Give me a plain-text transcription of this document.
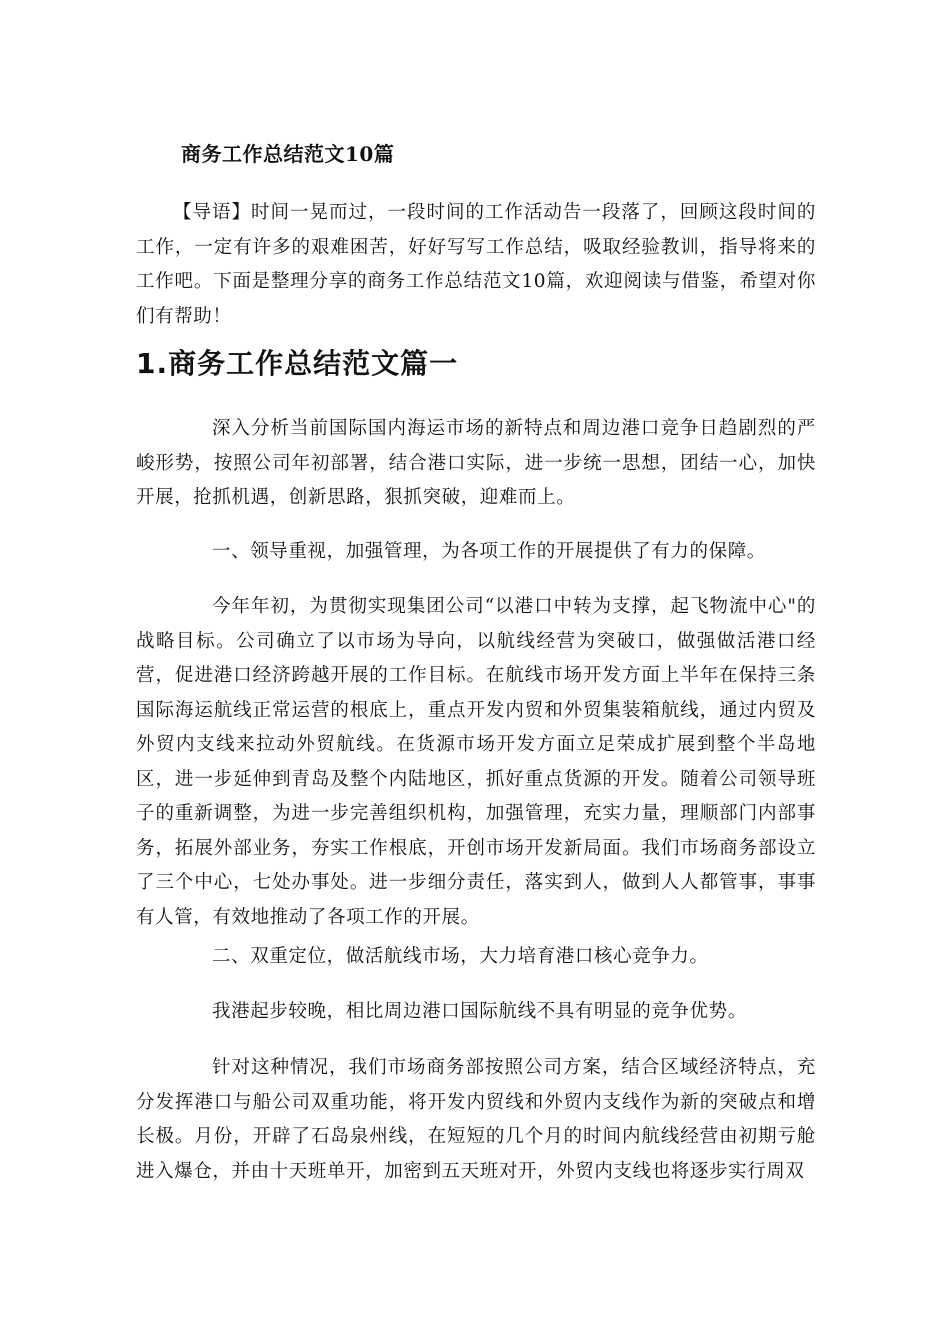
商务工作总结范文10篇
【导语】时间一晃而过，一段时间的工作活动告一段落了，回顾这段时间的工作，一定有许多的艰难困苦，好好写写工作总结，吸取经验教训，指导将来的工作吧。下面是整理分享的商务工作总结范文10篇，欢迎阅读与借鉴，希望对你们有帮助！
1.商务工作总结范文篇一
深入分析当前国际国内海运市场的新特点和周边港口竞争日趋剧烈的严峻形势，按照公司年初部署，结合港口实际，进一步统一思想，团结一心，加快开展，抢抓机遇，创新思路，狠抓突破，迎难而上。
一、领导重视，加强管理，为各项工作的开展提供了有力的保障。
今年年初，为贯彻实现集团公司“以港口中转为支撑，起飞物流中心"的战略目标。公司确立了以市场为导向，以航线经营为突破口，做强做活港口经营，促进港口经济跨越开展的工作目标。在航线市场开发方面上半年在保持三条国际海运航线正常运营的根底上，重点开发内贸和外贸集装箱航线，通过内贸及外贸内支线来拉动外贸航线。在货源市场开发方面立足荣成扩展到整个半岛地区，进一步延伸到青岛及整个内陆地区，抓好重点货源的开发。随着公司领导班子的重新调整，为进一步完善组织机构，加强管理，充实力量，理顺部门内部事务，拓展外部业务，夯实工作根底，开创市场开发新局面。我们市场商务部设立了三个中心，七处办事处。进一步细分责任，落实到人，做到人人都管事，事事有人管，有效地推动了各项工作的开展。
二、双重定位，做活航线市场，大力培育港口核心竞争力。
我港起步较晚，相比周边港口国际航线不具有明显的竞争优势。
针对这种情况，我们市场商务部按照公司方案，结合区域经济特点，充分发挥港口与船公司双重功能，将开发内贸线和外贸内支线作为新的突破点和增长极。月份，开辟了石岛泉州线，在短短的几个月的时间内航线经营由初期亏舱进入爆仓，并由十天班单开，加密到五天班对开，外贸内支线也将逐步实行周双
